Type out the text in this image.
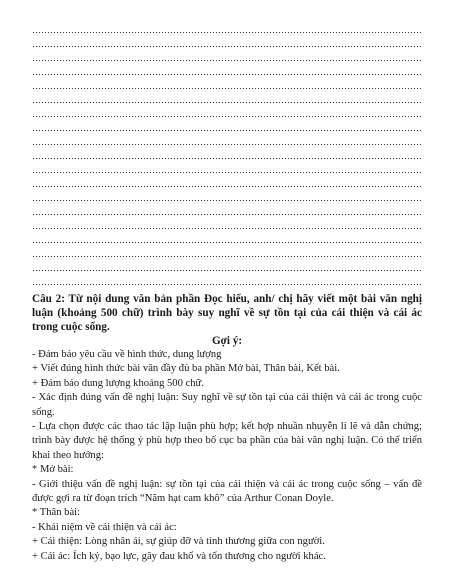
Câu 2: Từ nội dung văn bản phần Đọc hiểu, anh/ chị hãy viết một bài văn nghị luận (khoảng 500 chữ) trình bày suy nghĩ về sự tồn tại của cái thiện và cái ác trong cuộc sống.
Gợi ý:
- Đảm bảo yêu cầu về hình thức, dung lượng
+ Viết đúng hình thức bài văn đầy đủ ba phần Mở bài, Thân bài, Kết bài.
+ Đảm bảo dung lượng khoảng 500 chữ.
- Xác định đúng vấn đề nghị luận: Suy nghĩ về sự tồn tại của cái thiện và cái ác trong cuộc sống.
- Lựa chọn được các thao tác lập luận phù hợp; kết hợp nhuần nhuyễn lí lẽ và dẫn chứng; trình bày được hệ thống ý phù hợp theo bố cục ba phần của bài văn nghị luận. Có thể triển khai theo hướng:
* Mở bài:
- Giới thiệu vấn đề nghị luận: sự tồn tại của cái thiện và cái ác trong cuộc sống – vấn đề được gợi ra từ đoạn trích “Năm hạt cam khô” của Arthur Conan Doyle.
* Thân bài:
- Khái niệm về cái thiện và cái ác:
+ Cái thiện: Lòng nhân ái, sự giúp đỡ và tình thương giữa con người.
+ Cái ác: Ích kỷ, bạo lực, gây đau khổ và tổn thương cho người khác.
